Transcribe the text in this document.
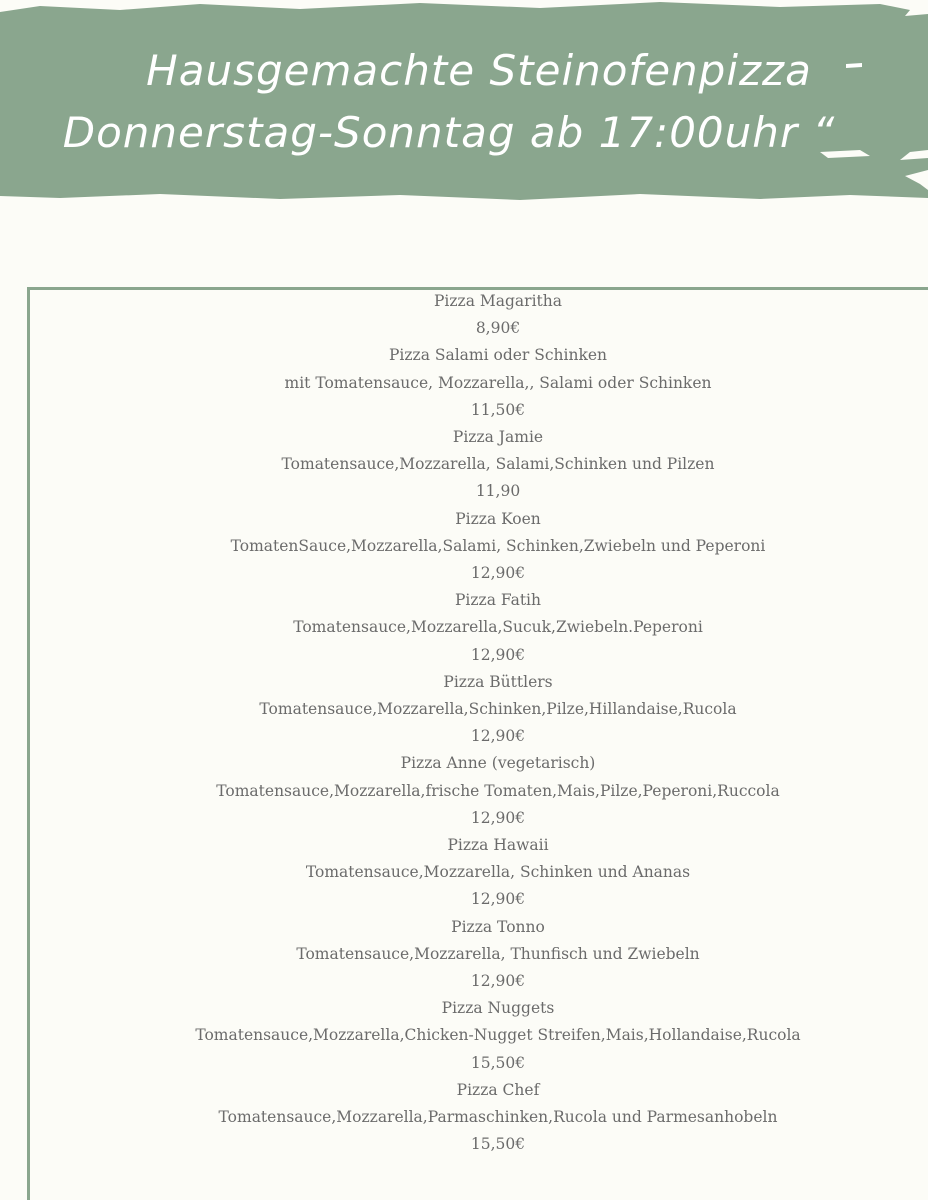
Hausgemachte Steinofenpizza
Donnerstag-Sonntag ab 17:00uhr “
Pizza Magaritha
8,90€
Pizza Salami oder Schinken
mit Tomatensauce, Mozzarella,, Salami oder Schinken
11,50€
Pizza Jamie
Tomatensauce,Mozzarella, Salami,Schinken und Pilzen
11,90
Pizza Koen
TomatenSauce,Mozzarella,Salami, Schinken,Zwiebeln und Peperoni
12,90€
Pizza Fatih
Tomatensauce,Mozzarella,Sucuk,Zwiebeln.Peperoni
12,90€
Pizza Büttlers
Tomatensauce,Mozzarella,Schinken,Pilze,Hillandaise,Rucola
12,90€
Pizza Anne (vegetarisch)
Tomatensauce,Mozzarella,frische Tomaten,Mais,Pilze,Peperoni,Ruccola
12,90€
Pizza Hawaii
Tomatensauce,Mozzarella, Schinken und Ananas
12,90€
Pizza Tonno
Tomatensauce,Mozzarella, Thunfisch und Zwiebeln
12,90€
Pizza Nuggets
Tomatensauce,Mozzarella,Chicken-Nugget Streifen,Mais,Hollandaise,Rucola
15,50€
Pizza Chef
Tomatensauce,Mozzarella,Parmaschinken,Rucola und Parmesanhobeln
15,50€
